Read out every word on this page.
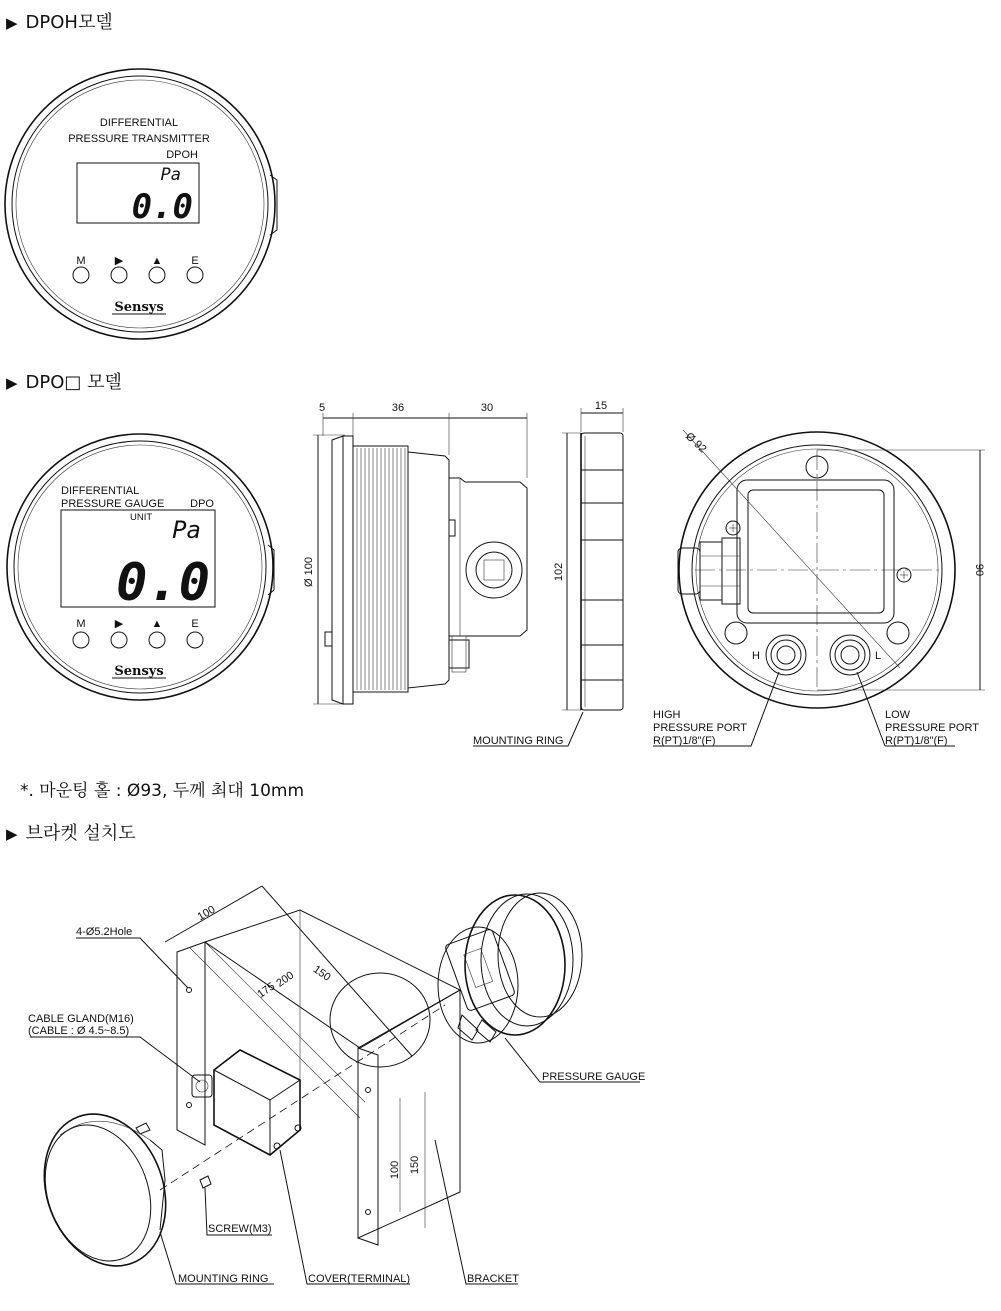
▶ DPOH모델
▶ DPO□ 모델
▶ 브라켓 설치도
*. 마운팅 홀 : Ø93, 두께 최대 10mm
DIFFERENTIAL
PRESSURE TRANSMITTER
DPOH
Pa
0.0
M	▶	▲	E
Sensys
DIFFERENTIAL
PRESSURE GAUGE DPO
UNIT Pa
0.0
M	▶	▲	E
Sensys
5	36	30
Ø 100
15
102
MOUNTING RING
H	L
Ø 92
90
HIGH
PRESSURE PORT
R(PT)1/8"(F)
LOW
PRESSURE PORT
R(PT)1/8"(F)
100
200
175
150
100 150
4-Ø5.2Hole
CABLE GLAND(M16)
(CABLE : Ø 4.5~8.5)
PRESSURE GAUGE
SCREW(M3)
MOUNTING RING	COVER(TERMINAL)	BRACKET
